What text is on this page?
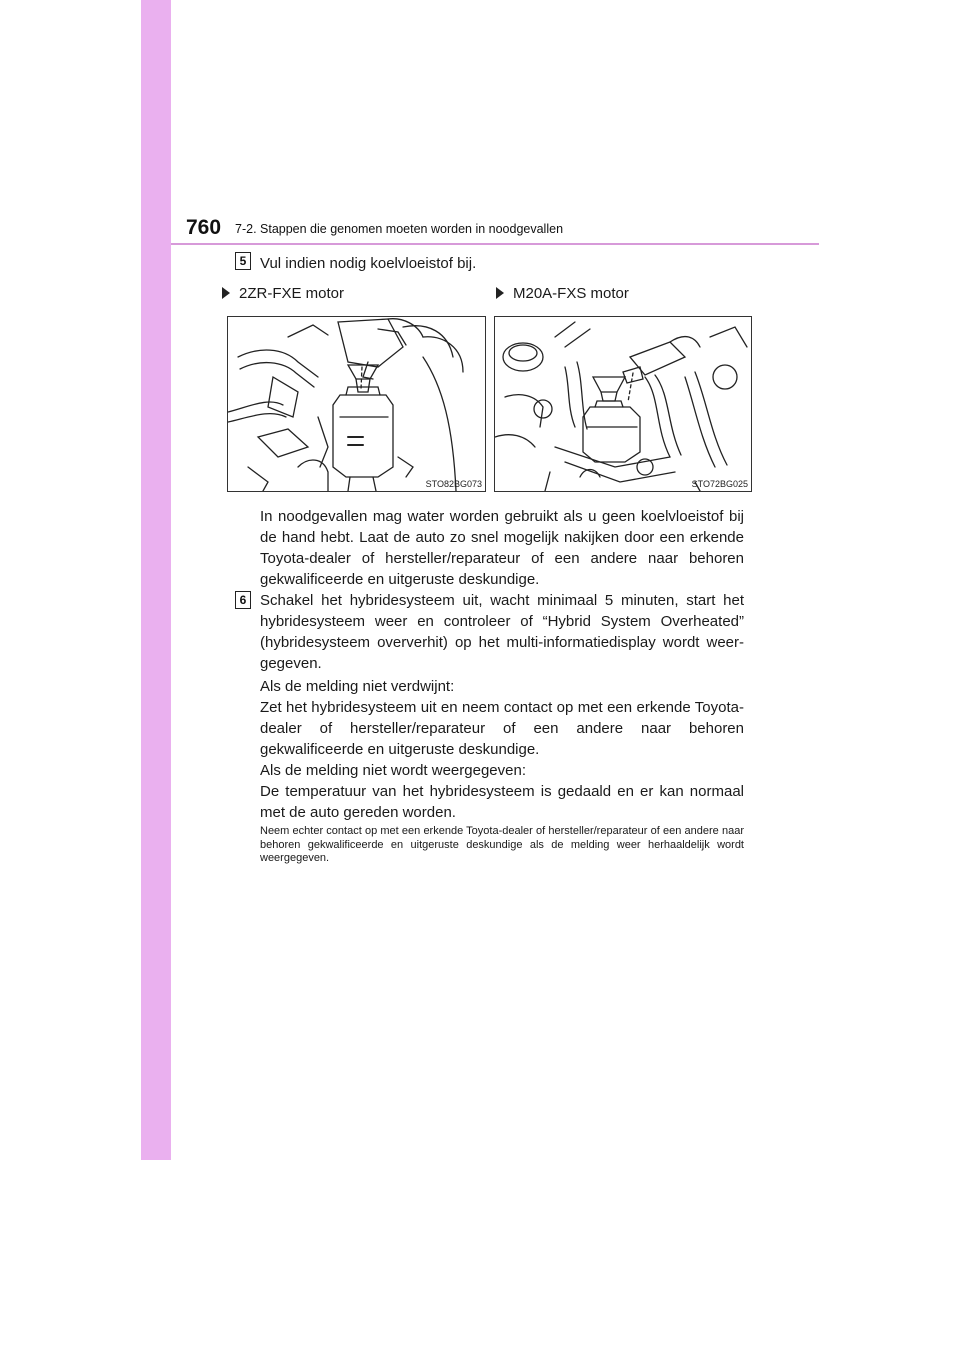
760 7-2. Stappen die genomen moeten worden in noodgevallen
5 Vul indien nodig koelvloeistof bij.
2ZR-FXE motor	M20A-FXS motor
STO82BG073	STO72BG025

In noodgevallen mag water worden gebruikt als u geen koelvloeistof bij de hand hebt. Laat de auto zo snel mogelijk nakijken door een erkende Toyota-dealer of hersteller/reparateur of een andere naar behoren gekwalificeerde en uitgeruste deskundige.

6 Schakel het hybridesysteem uit, wacht minimaal 5 minuten, start het hybridesysteem weer en controleer of “Hybrid System Overheated” (hybridesysteem oververhit) op het multi-informatiedisplay wordt weer-gegeven.

Als de melding niet verdwijnt:

Zet het hybridesysteem uit en neem contact op met een erkende Toyota-dealer of hersteller/reparateur of een andere naar behoren gekwalificeerde en uitgeruste deskundige.

Als de melding niet wordt weergegeven:

De temperatuur van het hybridesysteem is gedaald en er kan normaal met de auto gereden worden.

Neem echter contact op met een erkende Toyota-dealer of hersteller/reparateur of een andere naar behoren gekwalificeerde en uitgeruste deskundige als de melding weer herhaaldelijk wordt weergegeven.
